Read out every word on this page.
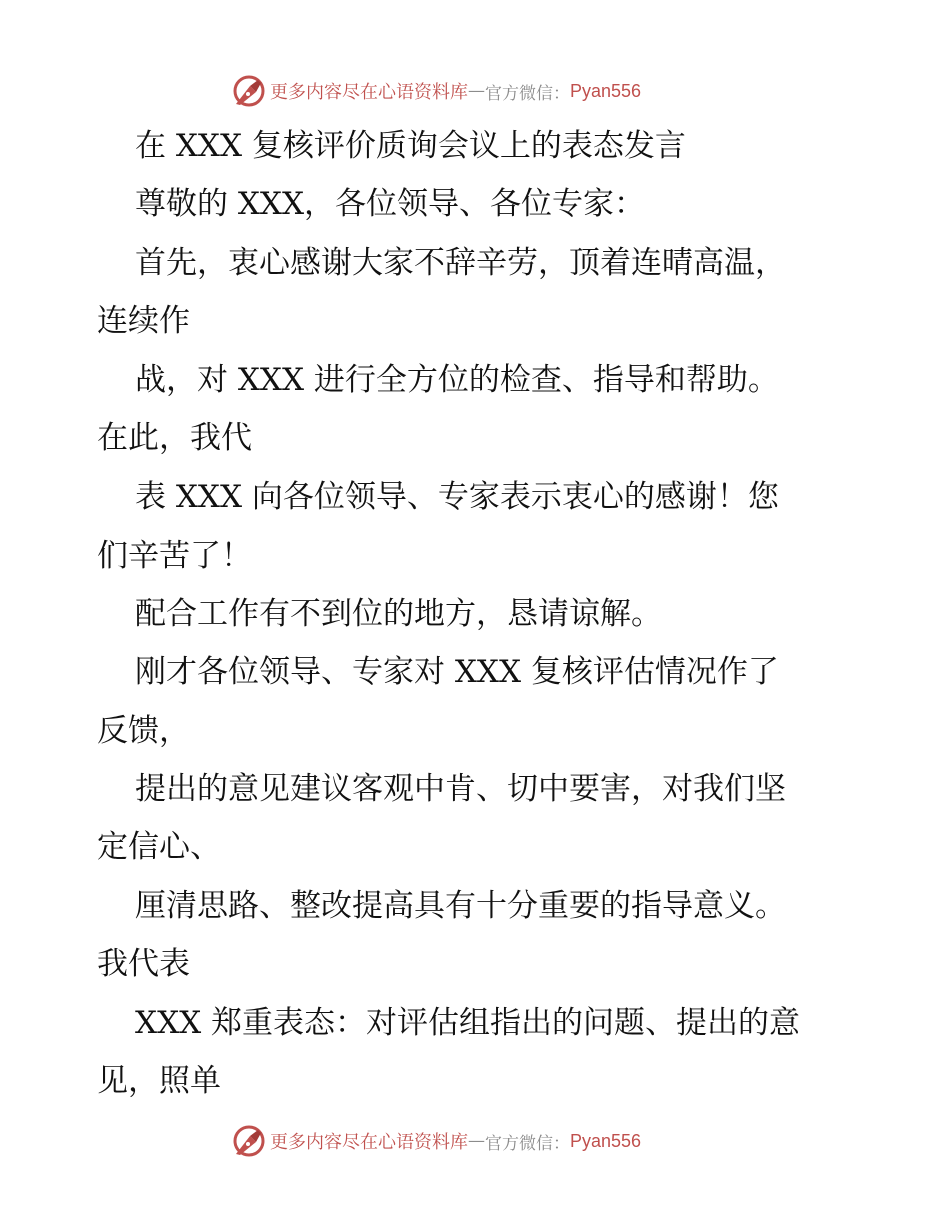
更多内容尽在心语资料库 — 官方微信： Pyan556
在 XXX 复核评价质询会议上的表态发言
尊敬的 XXX，各位领导、各位专家：
首先，衷心感谢大家不辞辛劳，顶着连晴高温，
连续作
战，对 XXX 进行全方位的检查、指导和帮助。
在此，我代
表 XXX 向各位领导、专家表示衷心的感谢！您
们辛苦了！
配合工作有不到位的地方，恳请谅解。
刚才各位领导、专家对 XXX 复核评估情况作了
反馈，
提出的意见建议客观中肯、切中要害，对我们坚
定信心、
厘清思路、整改提高具有十分重要的指导意义。
我代表
XXX 郑重表态：对评估组指出的问题、提出的意
见，照单
更多内容尽在心语资料库 — 官方微信： Pyan556
